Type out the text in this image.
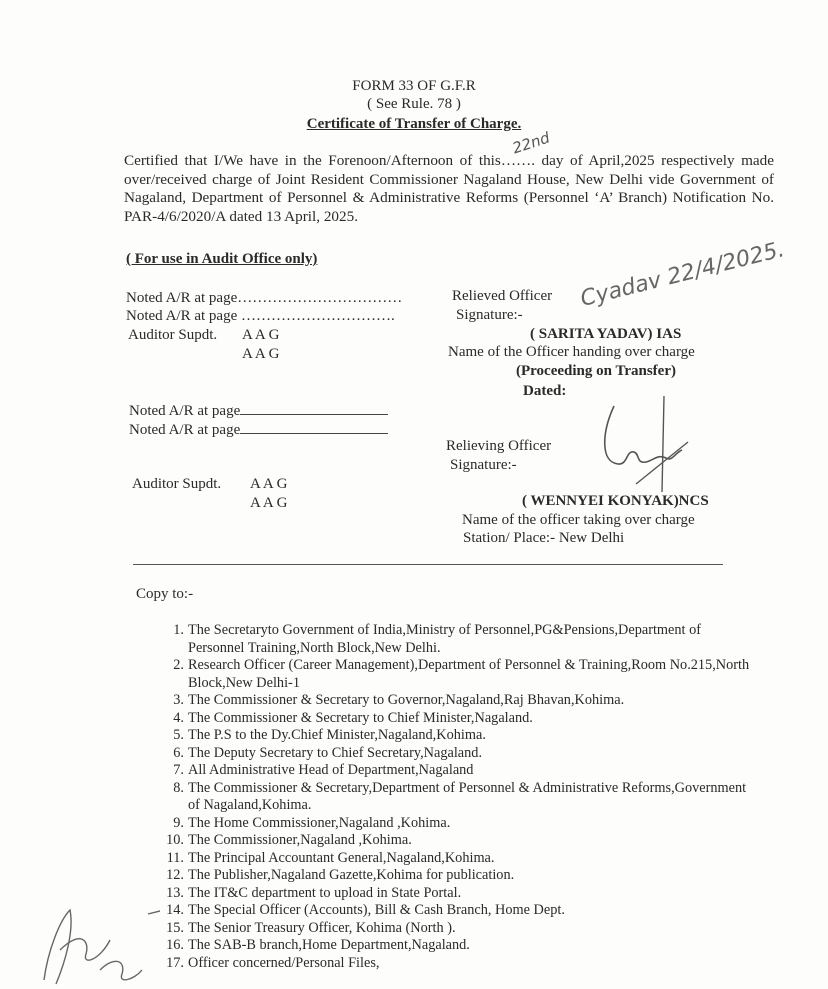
FORM 33 OF G.F.R
( See Rule. 78 )
Certificate of Transfer of Charge.
22nd
Certified that I/We have in the Forenoon/Afternoon of this……. day of April,2025 respectively made over/received charge of Joint Resident Commissioner Nagaland House, New Delhi vide Government of Nagaland, Department of Personnel & Administrative Reforms (Personnel ‘A’ Branch) Notification No. PAR-4/6/2020/A dated 13 April, 2025.
( For use in Audit Office only)
Noted A/R at page……………………………
Noted A/R at page ………………………….
Auditor Supdt. A A G
A A G
Noted A/R at page
Noted A/R at page
Auditor Supdt. A A G
A A G
Relieved Officer
Signature:-
Cyadav 22/4/2025.
( SARITA YADAV) IAS
Name of the Officer handing over charge
(Proceeding on Transfer)
Dated:
Relieving Officer
Signature:-
( WENNYEI KONYAK)NCS
Name of the officer taking over charge
Station/ Place:- New Delhi
Copy to:-
1. The Secretaryto Government of India,Ministry of Personnel,PG&Pensions,Department of Personnel Training,North Block,New Delhi.
2. Research Officer (Career Management),Department of Personnel & Training,Room No.215,North Block,New Delhi-1
3. The Commissioner & Secretary to Governor,Nagaland,Raj Bhavan,Kohima.
4. The Commissioner & Secretary to Chief Minister,Nagaland.
5. The P.S to the Dy.Chief Minister,Nagaland,Kohima.
6. The Deputy Secretary to Chief Secretary,Nagaland.
7. All Administrative Head of Department,Nagaland
8. The Commissioner & Secretary,Department of Personnel & Administrative Reforms,Government of Nagaland,Kohima.
9. The Home Commissioner,Nagaland ,Kohima.
10. The Commissioner,Nagaland ,Kohima.
11. The Principal Accountant General,Nagaland,Kohima.
12. The Publisher,Nagaland Gazette,Kohima for publication.
13. The IT&C department to upload in State Portal.
14. The Special Officer (Accounts), Bill & Cash Branch, Home Dept.
15. The Senior Treasury Officer, Kohima (North ).
16. The SAB-B branch,Home Department,Nagaland.
17. Officer concerned/Personal Files,
